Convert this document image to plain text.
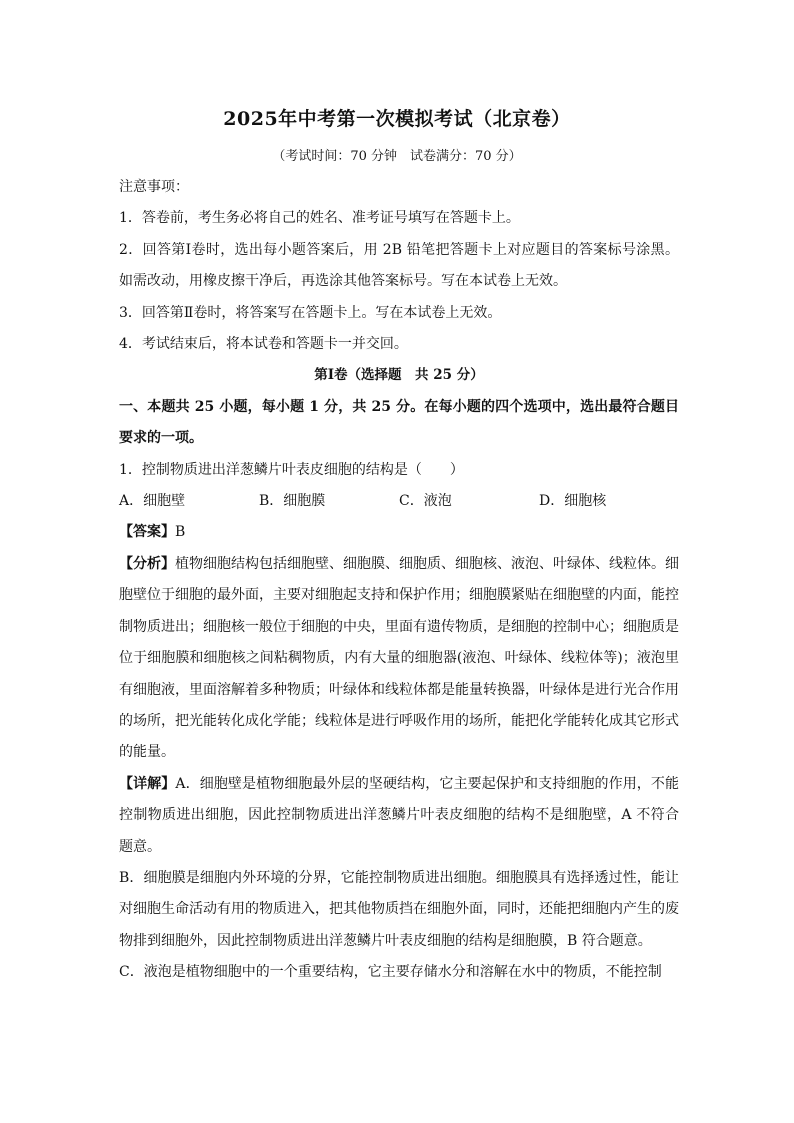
2025年中考第一次模拟考试（北京卷）
（考试时间：70 分钟　试卷满分：70 分）
注意事项：
1．答卷前，考生务必将自己的姓名、准考证号填写在答题卡上。
2．回答第Ⅰ卷时，选出每小题答案后，用 2B 铅笔把答题卡上对应题目的答案标号涂黑。如需改动，用橡皮擦干净后，再选涂其他答案标号。写在本试卷上无效。
3．回答第Ⅱ卷时，将答案写在答题卡上。写在本试卷上无效。
4．考试结束后，将本试卷和答题卡一并交回。
第Ⅰ卷（选择题　共 25 分）
一、本题共 25 小题，每小题 1 分，共 25 分。在每小题的四个选项中，选出最符合题目要求的一项。
1．控制物质进出洋葱鳞片叶表皮细胞的结构是（　　）
A．细胞壁	B．细胞膜	C．液泡	D．细胞核
【答案】B
【分析】植物细胞结构包括细胞壁、细胞膜、细胞质、细胞核、液泡、叶绿体、线粒体。细胞壁位于细胞的最外面，主要对细胞起支持和保护作用；细胞膜紧贴在细胞壁的内面，能控制物质进出；细胞核一般位于细胞的中央，里面有遗传物质，是细胞的控制中心；细胞质是位于细胞膜和细胞核之间粘稠物质，内有大量的细胞器(液泡、叶绿体、线粒体等)；液泡里有细胞液，里面溶解着多种物质；叶绿体和线粒体都是能量转换器，叶绿体是进行光合作用的场所，把光能转化成化学能；线粒体是进行呼吸作用的场所，能把化学能转化成其它形式的能量。
【详解】A．细胞壁是植物细胞最外层的坚硬结构，它主要起保护和支持细胞的作用，不能控制物质进出细胞，因此控制物质进出洋葱鳞片叶表皮细胞的结构不是细胞壁，A 不符合题意。
B．细胞膜是细胞内外环境的分界，它能控制物质进出细胞。细胞膜具有选择透过性，能让对细胞生命活动有用的物质进入，把其他物质挡在细胞外面，同时，还能把细胞内产生的废物排到细胞外，因此控制物质进出洋葱鳞片叶表皮细胞的结构是细胞膜，B 符合题意。
C．液泡是植物细胞中的一个重要结构，它主要存储水分和溶解在水中的物质，不能控制
